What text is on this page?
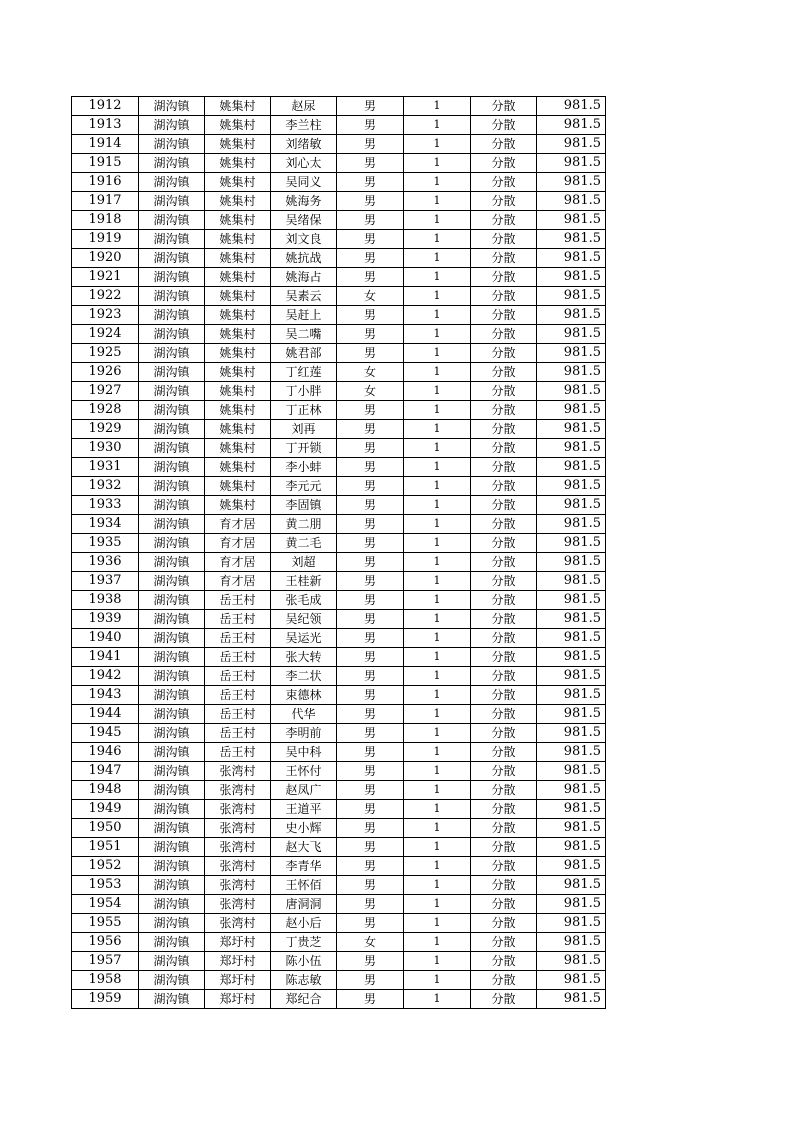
1912	湖沟镇	姚集村	赵尿	男	1	分散	981.5
1913	湖沟镇	姚集村	李兰柱	男	1	分散	981.5
1914	湖沟镇	姚集村	刘绪敏	男	1	分散	981.5
1915	湖沟镇	姚集村	刘心太	男	1	分散	981.5
1916	湖沟镇	姚集村	吴同义	男	1	分散	981.5
1917	湖沟镇	姚集村	姚海务	男	1	分散	981.5
1918	湖沟镇	姚集村	吴绪保	男	1	分散	981.5
1919	湖沟镇	姚集村	刘文良	男	1	分散	981.5
1920	湖沟镇	姚集村	姚抗战	男	1	分散	981.5
1921	湖沟镇	姚集村	姚海占	男	1	分散	981.5
1922	湖沟镇	姚集村	吴素云	女	1	分散	981.5
1923	湖沟镇	姚集村	吴赶上	男	1	分散	981.5
1924	湖沟镇	姚集村	吴二嘴	男	1	分散	981.5
1925	湖沟镇	姚集村	姚君部	男	1	分散	981.5
1926	湖沟镇	姚集村	丁红莲	女	1	分散	981.5
1927	湖沟镇	姚集村	丁小胖	女	1	分散	981.5
1928	湖沟镇	姚集村	丁正林	男	1	分散	981.5
1929	湖沟镇	姚集村	刘再	男	1	分散	981.5
1930	湖沟镇	姚集村	丁开锁	男	1	分散	981.5
1931	湖沟镇	姚集村	李小蚌	男	1	分散	981.5
1932	湖沟镇	姚集村	李元元	男	1	分散	981.5
1933	湖沟镇	姚集村	李固镇	男	1	分散	981.5
1934	湖沟镇	育才居	黄二朋	男	1	分散	981.5
1935	湖沟镇	育才居	黄二毛	男	1	分散	981.5
1936	湖沟镇	育才居	刘超	男	1	分散	981.5
1937	湖沟镇	育才居	王桂新	男	1	分散	981.5
1938	湖沟镇	岳王村	张毛成	男	1	分散	981.5
1939	湖沟镇	岳王村	吴纪领	男	1	分散	981.5
1940	湖沟镇	岳王村	吴运光	男	1	分散	981.5
1941	湖沟镇	岳王村	张大转	男	1	分散	981.5
1942	湖沟镇	岳王村	李二状	男	1	分散	981.5
1943	湖沟镇	岳王村	束德林	男	1	分散	981.5
1944	湖沟镇	岳王村	代华	男	1	分散	981.5
1945	湖沟镇	岳王村	李明前	男	1	分散	981.5
1946	湖沟镇	岳王村	吴中科	男	1	分散	981.5
1947	湖沟镇	张湾村	王怀付	男	1	分散	981.5
1948	湖沟镇	张湾村	赵凤广	男	1	分散	981.5
1949	湖沟镇	张湾村	王道平	男	1	分散	981.5
1950	湖沟镇	张湾村	史小辉	男	1	分散	981.5
1951	湖沟镇	张湾村	赵大飞	男	1	分散	981.5
1952	湖沟镇	张湾村	李青华	男	1	分散	981.5
1953	湖沟镇	张湾村	王怀佰	男	1	分散	981.5
1954	湖沟镇	张湾村	唐洞洞	男	1	分散	981.5
1955	湖沟镇	张湾村	赵小后	男	1	分散	981.5
1956	湖沟镇	郑圩村	丁贵芝	女	1	分散	981.5
1957	湖沟镇	郑圩村	陈小伍	男	1	分散	981.5
1958	湖沟镇	郑圩村	陈志敏	男	1	分散	981.5
1959	湖沟镇	郑圩村	郑纪合	男	1	分散	981.5
